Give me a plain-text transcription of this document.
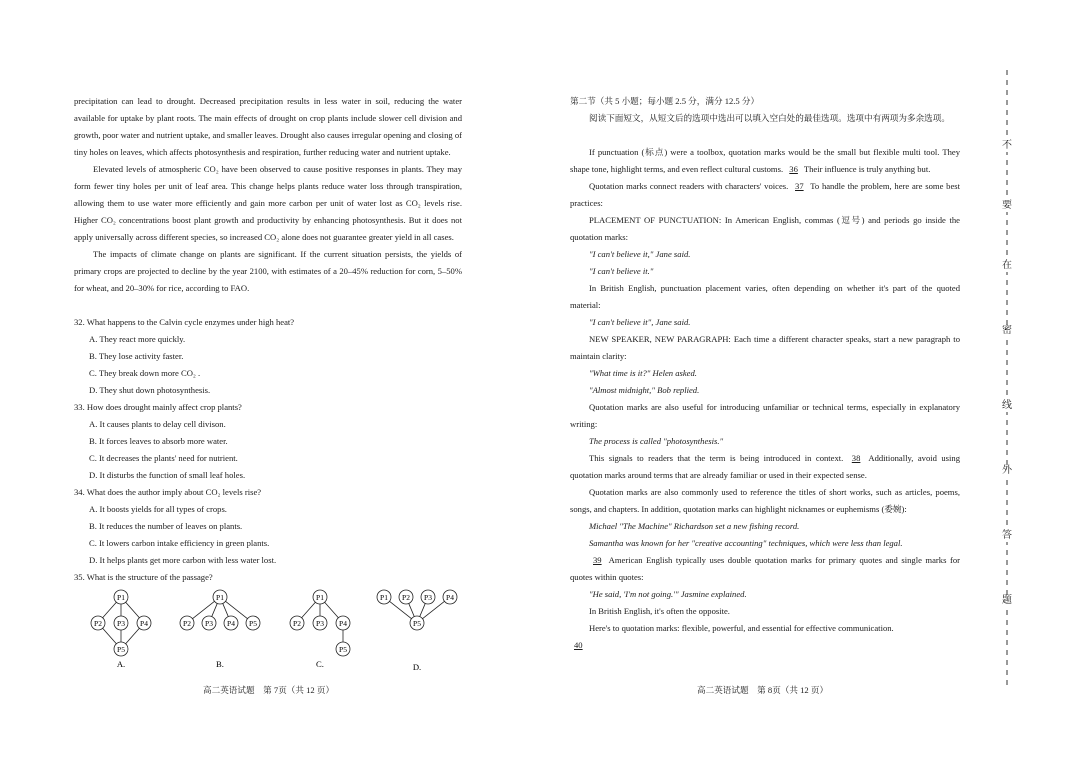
precipitation can lead to drought. Decreased precipitation results in less water in soil, reducing the water available for uptake by plant roots. The main effects of drought on crop plants include slower cell division and growth, poor water and nutrient uptake, and smaller leaves. Drought also causes irregular opening and closing of tiny holes on leaves, which affects photosynthesis and respiration, further reducing water and nutrient uptake.

Elevated levels of atmospheric CO₂ have been observed to cause positive responses in plants. They may form fewer tiny holes per unit of leaf area. This change helps plants reduce water loss through transpiration, allowing them to use water more efficiently and gain more carbon per unit of water lost as CO₂ levels rise. Higher CO₂ concentrations boost plant growth and productivity by enhancing photosynthesis. But it does not apply universally across different species, so increased CO₂ alone does not guarantee greater yield in all cases.

The impacts of climate change on plants are significant. If the current situation persists, the yields of primary crops are projected to decline by the year 2100, with estimates of a 20–45% reduction for corn, 5–50% for wheat, and 20–30% for rice, according to FAO.

32. What happens to the Calvin cycle enzymes under high heat?

A. They react more quickly.
B. They lose activity faster.
C. They break down more CO₂ .
D. They shut down photosynthesis.

33. How does drought mainly affect crop plants?

A. It causes plants to delay cell divison.
B. It forces leaves to absorb more water.
C. It decreases the plants' need for nutrient.
D. It disturbs the function of small leaf holes.

34. What does the author imply about CO₂ levels rise?

A. It boosts yields for all types of crops.
B. It reduces the number of leaves on plants.
C. It lowers carbon intake efficiency in green plants.
D. It helps plants get more carbon with less water lost.

35. What is the structure of the passage?

P1
P2 P3 P4
P5
A.
P1
P2 P3 P4 P5
B.
P1
P2 P3 P4
P5
C.
P1 P2 P3 P4
P5
D.
高二英语试题　第 7页（共 12 页）

第二节（共 5 小题；每小题 2.5 分，满分 12.5 分）

阅读下面短文，从短文后的选项中选出可以填入空白处的最佳选项。选项中有两项为多余选项。

If punctuation (标点) were a toolbox, quotation marks would be the small but flexible multi tool. They shape tone, highlight terms, and even reflect cultural customs. 36 Their influence is truly anything but.

Quotation marks connect readers with characters' voices. 37 To handle the problem, here are some best practices:

PLACEMENT OF PUNCTUATION: In American English, commas (逗号) and periods go inside the quotation marks:

"I can't believe it," Jane said.

"I can't believe it."

In British English, punctuation placement varies, often depending on whether it's part of the quoted material:

"I can't believe it", Jane said.

NEW SPEAKER, NEW PARAGRAPH: Each time a different character speaks, start a new paragraph to maintain clarity:

"What time is it?" Helen asked.

"Almost midnight," Bob replied.

Quotation marks are also useful for introducing unfamiliar or technical terms, especially in explanatory writing:

The process is called "photosynthesis."

This signals to readers that the term is being introduced in context. 38 Additionally, avoid using quotation marks around terms that are already familiar or used in their expected sense.

Quotation marks are also commonly used to reference the titles of short works, such as articles, poems, songs, and chapters. In addition, quotation marks can highlight nicknames or euphemisms (委婉):

Michael "The Machine" Richardson set a new fishing record.

Samantha was known for her "creative accounting" techniques, which were less than legal.

39 American English typically uses double quotation marks for primary quotes and single marks for quotes within quotes:

"He said, 'I'm not going.'" Jasmine explained.

In British English, it's often the opposite.

Here's to quotation marks: flexible, powerful, and essential for effective communication.

40

高二英语试题　第 8页（共 12 页）
不
要
在
密
线
外
答
题
